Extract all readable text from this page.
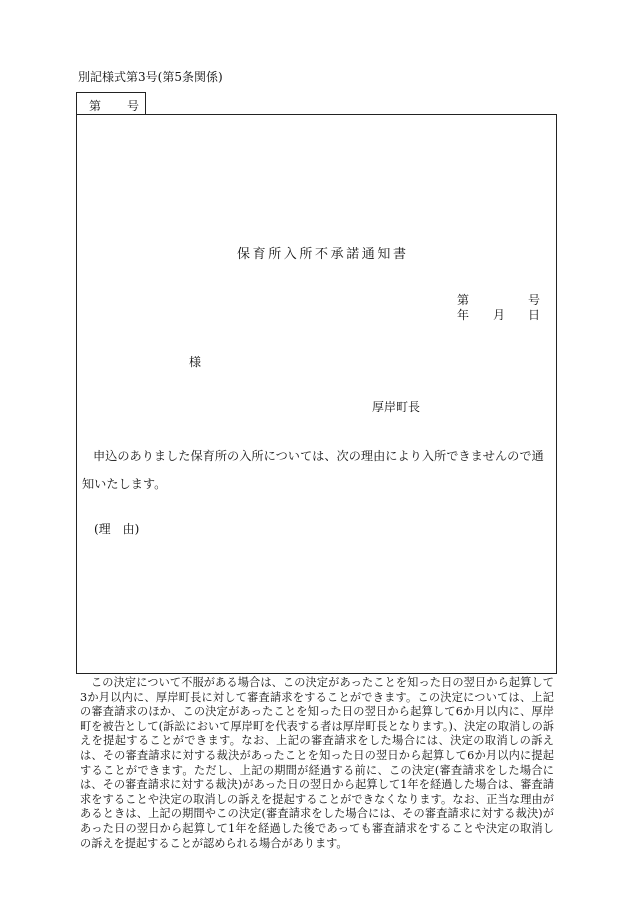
別記様式第3号(第5条関係)
第 号
保育所入所不承諾通知書
第	号
年 月 日
様
厚岸町長
申込のありました保育所の入所については、次の理由により入所できませんので通知いたします。
(理　由)
この決定について不服がある場合は、この決定があったことを知った日の翌日から起算して3か月以内に、厚岸町長に対して審査請求をすることができます。この決定については、上記の審査請求のほか、この決定があったことを知った日の翌日から起算して6か月以内に、厚岸町を被告として(訴訟において厚岸町を代表する者は厚岸町長となります。)、決定の取消しの訴えを提起することができます。なお、上記の審査請求をした場合には、決定の取消しの訴えは、その審査請求に対する裁決があったことを知った日の翌日から起算して6か月以内に提起することができます。ただし、上記の期間が経過する前に、この決定(審査請求をした場合には、その審査請求に対する裁決)があった日の翌日から起算して1年を経過した場合は、審査請求をすることや決定の取消しの訴えを提起することができなくなります。なお、正当な理由があるときは、上記の期間やこの決定(審査請求をした場合には、その審査請求に対する裁決)があった日の翌日から起算して1年を経過した後であっても審査請求をすることや決定の取消しの訴えを提起することが認められる場合があります。
